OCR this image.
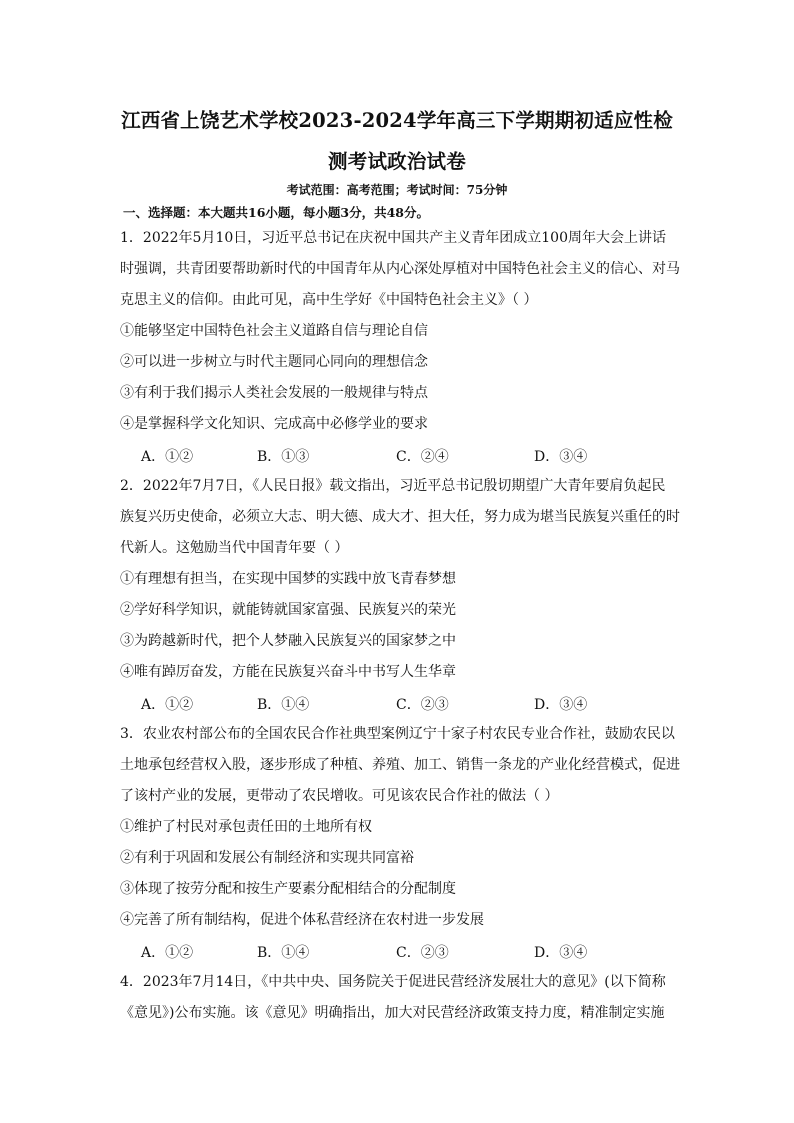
江西省上饶艺术学校2023-2024学年高三下学期期初适应性检
测考试政治试卷
考试范围：高考范围；考试时间：75分钟
一、选择题：本大题共16小题，每小题3分，共48分。
1．2022年5月10日，习近平总书记在庆祝中国共产主义青年团成立100周年大会上讲话
时强调，共青团要帮助新时代的中国青年从内心深处厚植对中国特色社会主义的信心、对马
克思主义的信仰。由此可见，高中生学好《中国特色社会主义》（ ）
①能够坚定中国特色社会主义道路自信与理论自信
②可以进一步树立与时代主题同心同向的理想信念
③有利于我们揭示人类社会发展的一般规律与特点
④是掌握科学文化知识、完成高中必修学业的要求
A．①②	B．①③	C．②④	D．③④
2．2022年7月7日，《人民日报》载文指出，习近平总书记殷切期望广大青年要肩负起民
族复兴历史使命，必须立大志、明大德、成大才、担大任，努力成为堪当民族复兴重任的时
代新人。这勉励当代中国青年要（ ）
①有理想有担当，在实现中国梦的实践中放飞青春梦想
②学好科学知识，就能铸就国家富强、民族复兴的荣光
③为跨越新时代，把个人梦融入民族复兴的国家梦之中
④唯有踔厉奋发，方能在民族复兴奋斗中书写人生华章
A．①②	B．①④	C．②③	D．③④
3．农业农村部公布的全国农民合作社典型案例辽宁十家子村农民专业合作社，鼓励农民以
土地承包经营权入股，逐步形成了种植、养殖、加工、销售一条龙的产业化经营模式，促进
了该村产业的发展，更带动了农民增收。可见该农民合作社的做法（ ）
①维护了村民对承包责任田的土地所有权
②有利于巩固和发展公有制经济和实现共同富裕
③体现了按劳分配和按生产要素分配相结合的分配制度
④完善了所有制结构，促进个体私营经济在农村进一步发展
A．①②	B．①④	C．②③	D．③④
4．2023年7月14日，《中共中央、国务院关于促进民营经济发展壮大的意见》(以下简称
《意见》)公布实施。该《意见》明确指出，加大对民营经济政策支持力度，精准制定实施
